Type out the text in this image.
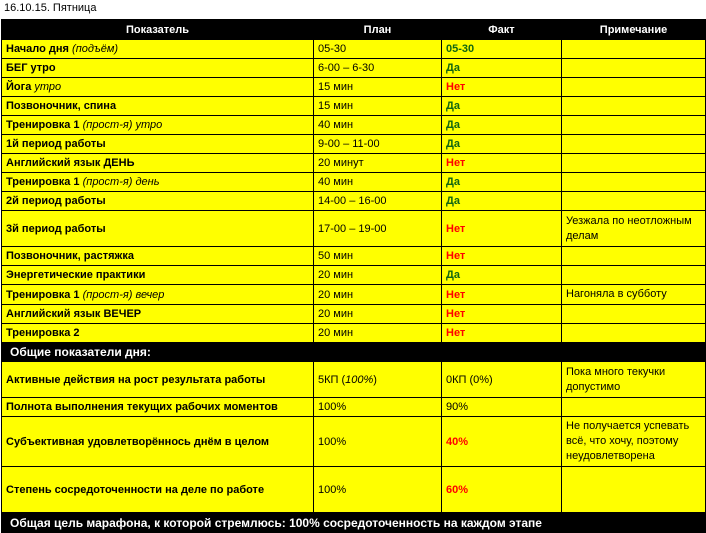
16.10.15. Пятница
Показатель	План	Факт	Примечание
Начало дня (подъём)	05-30	05-30	
БЕГ утро	6-00 – 6-30	Да	
Йога утро	15 мин	Нет	
Позвоночник, спина	15 мин	Да	
Тренировка 1 (прост-я) утро	40 мин	Да	
1й период работы	9-00 – 11-00	Да	
Английский язык ДЕНЬ	20 минут	Нет	
Тренировка 1 (прост-я) день	40 мин	Да	
2й период работы	14-00 – 16-00	Да	
3й период работы	17-00 – 19-00	Нет	Уезжала по неотложным делам
Позвоночник, растяжка	50 мин	Нет	
Энергетические практики	20 мин	Да	
Тренировка 1 (прост-я) вечер	20 мин	Нет	Нагоняла в субботу
Английский язык ВЕЧЕР	20 мин	Нет	
Тренировка 2	20 мин	Нет	
Общие показатели дня:			
Активные действия на рост результата работы	5КП (100%)	0КП (0%)	Пока много текучки допустимо
Полнота выполнения текущих рабочих моментов	100%	90%	
Субъективная удовлетворённось днём в целом	100%	40%	Не получается успевать всё, что хочу, поэтому неудовлетворена
Степень сосредоточенности на деле по работе	100%	60%	
Общая цель марафона, к которой стремлюсь: 100% сосредоточенность на каждом этапе			
